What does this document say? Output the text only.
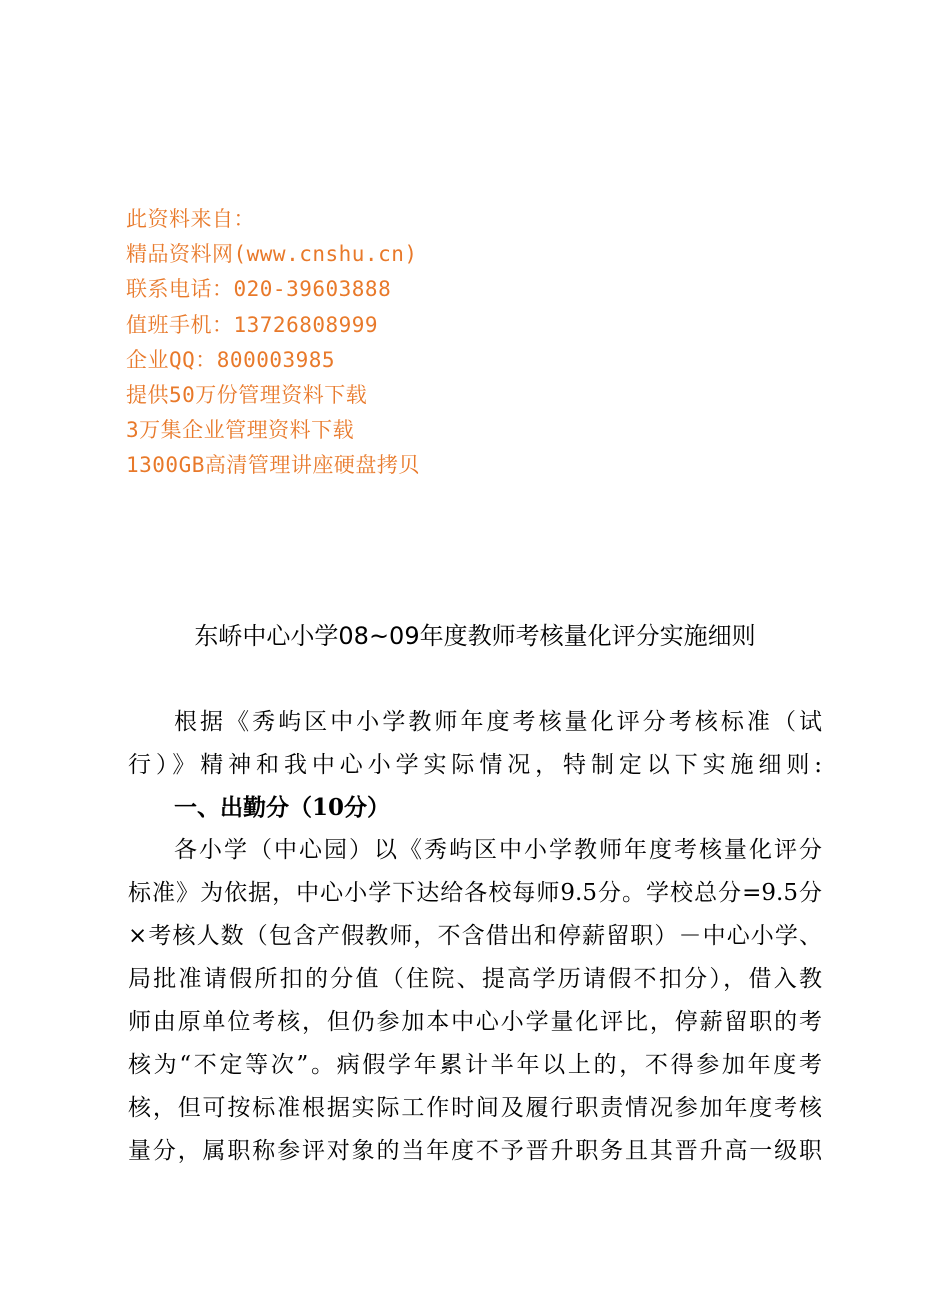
此资料来自：
精品资料网(www.cnshu.cn)
联系电话：020-39603888
值班手机：13726808999
企业QQ：800003985
提供50万份管理资料下载
3万集企业管理资料下载
1300GB高清管理讲座硬盘拷贝
东峤中心小学08~09年度教师考核量化评分实施细则
根据《秀屿区中小学教师年度考核量化评分考核标准（试
行）》精神和我中心小学实际情况，特制定以下实施细则:
一、出勤分（10分）
各小学（中心园）以《秀屿区中小学教师年度考核量化评分
标准》为依据，中心小学下达给各校每师9.5分。学校总分=9.5分
×考核人数（包含产假教师，不含借出和停薪留职）－中心小学、
局批准请假所扣的分值（住院、提高学历请假不扣分），借入教
师由原单位考核，但仍参加本中心小学量化评比，停薪留职的考
核为“不定等次”。病假学年累计半年以上的，不得参加年度考
核，但可按标准根据实际工作时间及履行职责情况参加年度考核
量分，属职称参评对象的当年度不予晋升职务且其晋升高一级职
